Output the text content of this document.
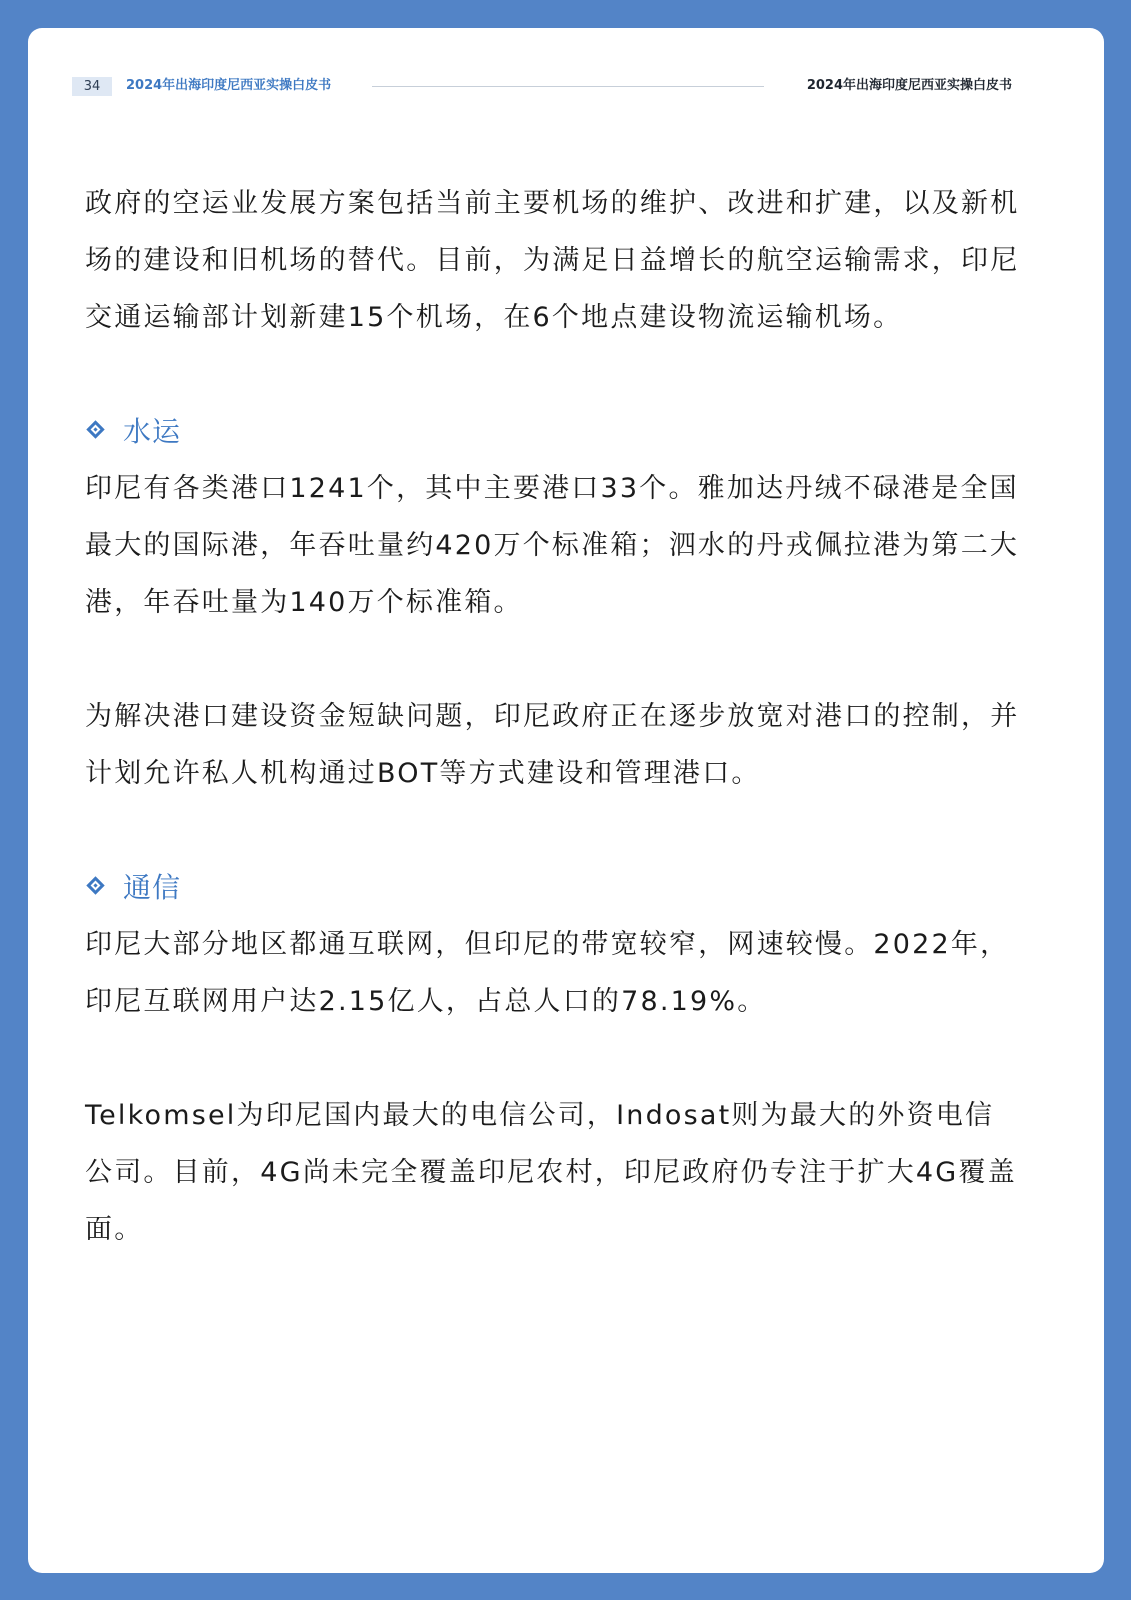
34	2024年出海印度尼西亚实操白皮书	2024年出海印度尼西亚实操白皮书

政府的空运业发展方案包括当前主要机场的维护、改进和扩建，以及新机场的建设和旧机场的替代。目前，为满足日益增长的航空运输需求，印尼交通运输部计划新建15个机场，在6个地点建设物流运输机场。

水运

印尼有各类港口1241个，其中主要港口33个。雅加达丹绒不碌港是全国最大的国际港，年吞吐量约420万个标准箱；泗水的丹戎佩拉港为第二大港，年吞吐量为140万个标准箱。

为解决港口建设资金短缺问题，印尼政府正在逐步放宽对港口的控制，并计划允许私人机构通过BOT等方式建设和管理港口。

通信

印尼大部分地区都通互联网，但印尼的带宽较窄，网速较慢。2022年，印尼互联网用户达2.15亿人，占总人口的78.19%。

Telkomsel为印尼国内最大的电信公司，Indosat则为最大的外资电信公司。目前，4G尚未完全覆盖印尼农村，印尼政府仍专注于扩大4G覆盖面。
